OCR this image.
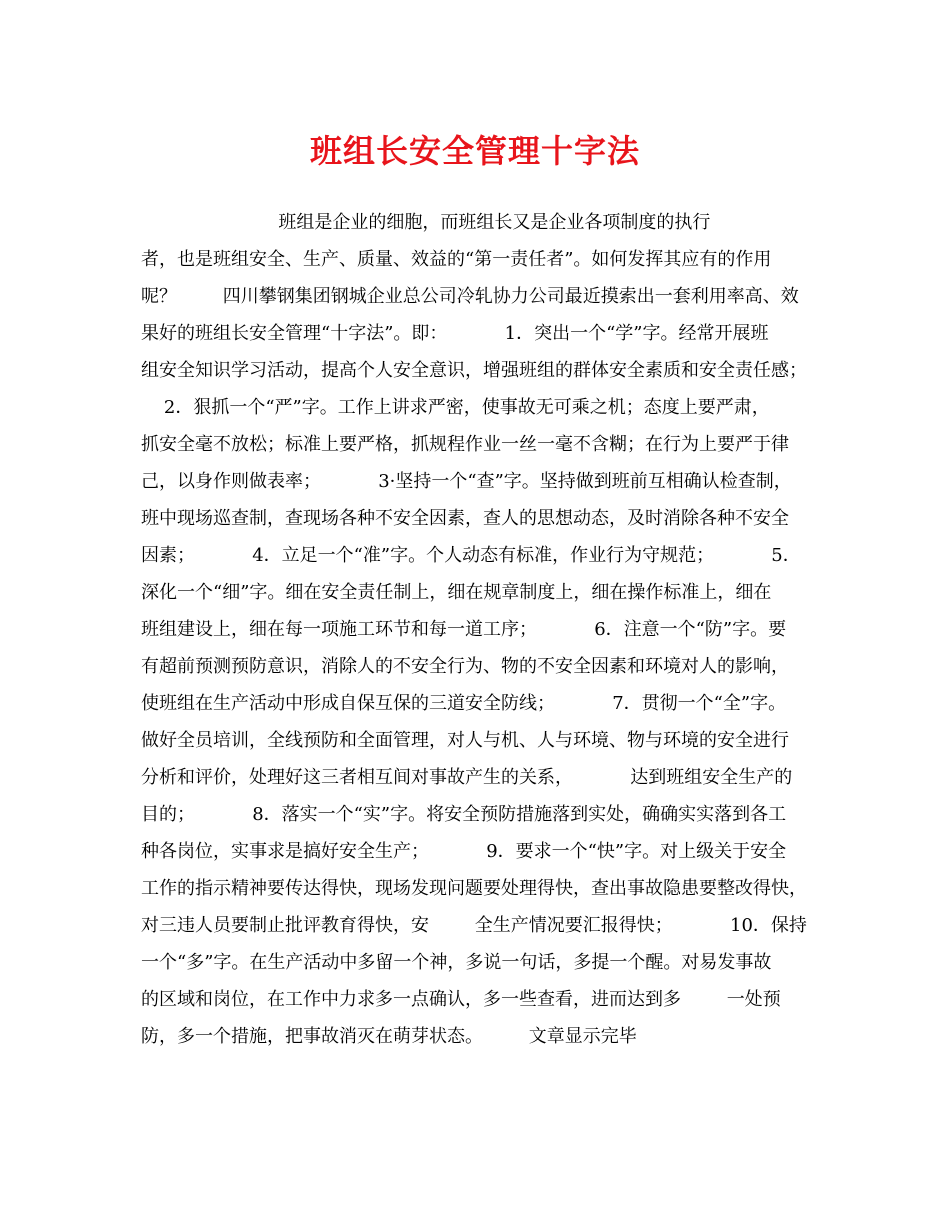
班组长安全管理十字法

班组是企业的细胞，而班组长又是企业各项制度的执行

者，也是班组安全、生产、质量、效益的“第一责任者”。如何发挥其应有的作用

呢？        四川攀钢集团钢城企业总公司冷轧协力公司最近摸索出一套利用率高、效

果好的班组长安全管理“十字法”。即：          1．突出一个“学”字。经常开展班

组安全知识学习活动，提高个人安全意识，增强班组的群体安全素质和安全责任感；

2．狠抓一个“严”字。工作上讲求严密，使事故无可乘之机；态度上要严肃，

抓安全毫不放松；标准上要严格，抓规程作业一丝一毫不含糊；在行为上要严于律

己，以身作则做表率；          3·坚持一个“查”字。坚持做到班前互相确认检查制，

班中现场巡查制，查现场各种不安全因素，查人的思想动态，及时消除各种不安全

因素；          4．立足一个“准”字。个人动态有标准，作业行为守规范；          5．

深化一个“细”字。细在安全责任制上，细在规章制度上，细在操作标准上，细在

班组建设上，细在每一项施工环节和每一道工序；          6．注意一个“防”字。要

有超前预测预防意识，消除人的不安全行为、物的不安全因素和环境对人的影响，

使班组在生产活动中形成自保互保的三道安全防线；          7．贯彻一个“全”字。

做好全员培训，全线预防和全面管理，对人与机、人与环境、物与环境的安全进行

分析和评价，处理好这三者相互间对事故产生的关系，          达到班组安全生产的

目的；          8．落实一个“实”字。将安全预防措施落到实处，确确实实落到各工

种各岗位，实事求是搞好安全生产；          9．要求一个“快”字。对上级关于安全

工作的指示精神要传达得快，现场发现问题要处理得快，查出事故隐患要整改得快，

对三违人员要制止批评教育得快，安        全生产情况要汇报得快；          10．保持

一个“多”字。在生产活动中多留一个神，多说一句话，多提一个醒。对易发事故

的区域和岗位，在工作中力求多一点确认，多一些查看，进而达到多        一处预

防，多一个措施，把事故消灭在萌芽状态。        文章显示完毕
